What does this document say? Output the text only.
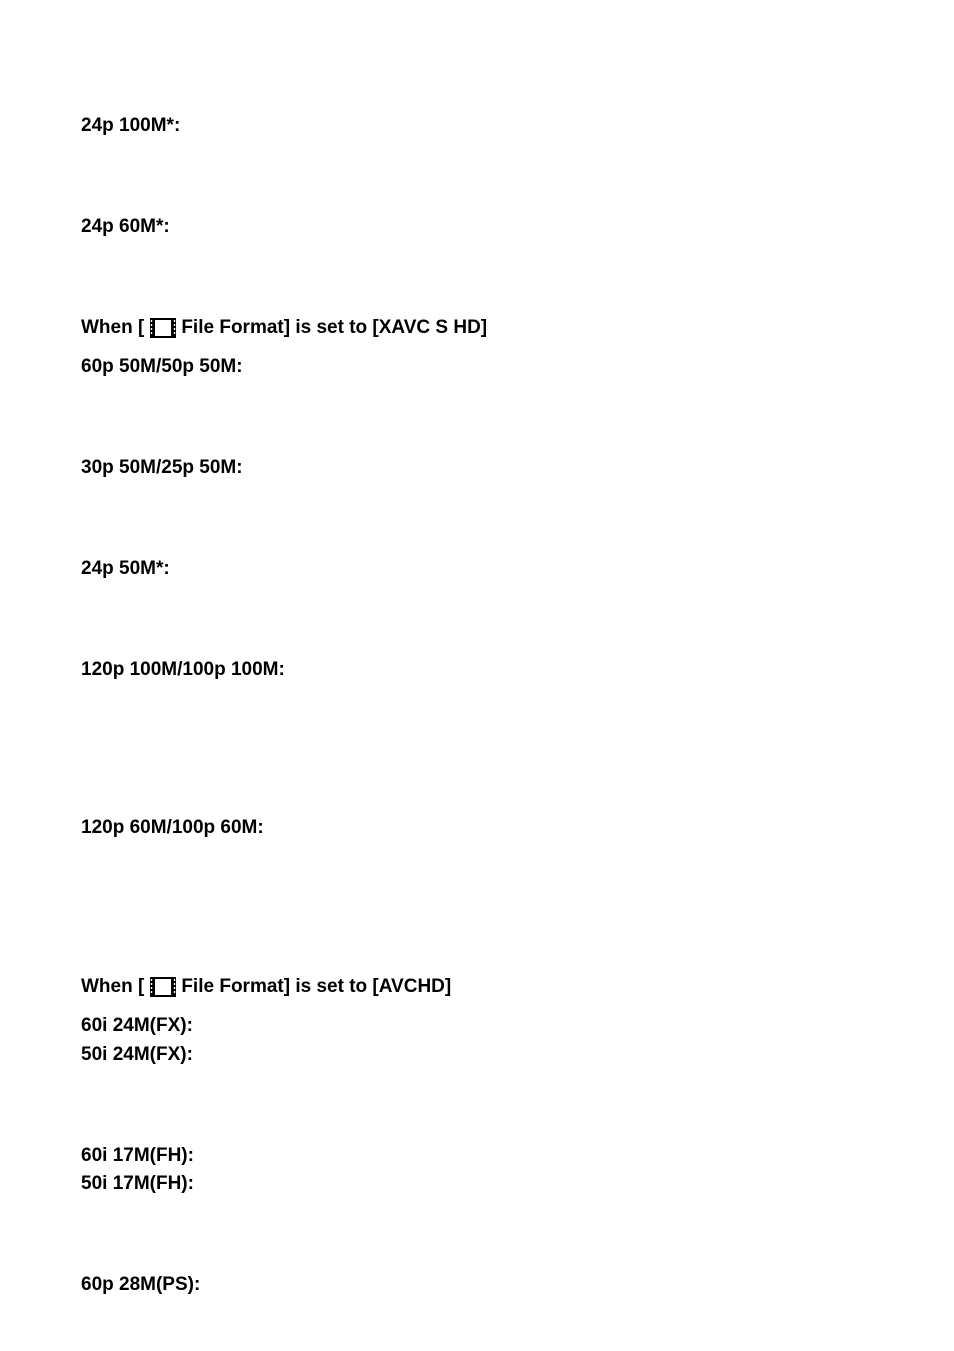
24p 100M*:
24p 60M*:
When [ File Format] is set to [XAVC S HD]
60p 50M/50p 50M:
30p 50M/25p 50M:
24p 50M*:
120p 100M/100p 100M:
120p 60M/100p 60M:
When [ File Format] is set to [AVCHD]
60i 24M(FX):
50i 24M(FX):
60i 17M(FH):
50i 17M(FH):
60p 28M(PS):
